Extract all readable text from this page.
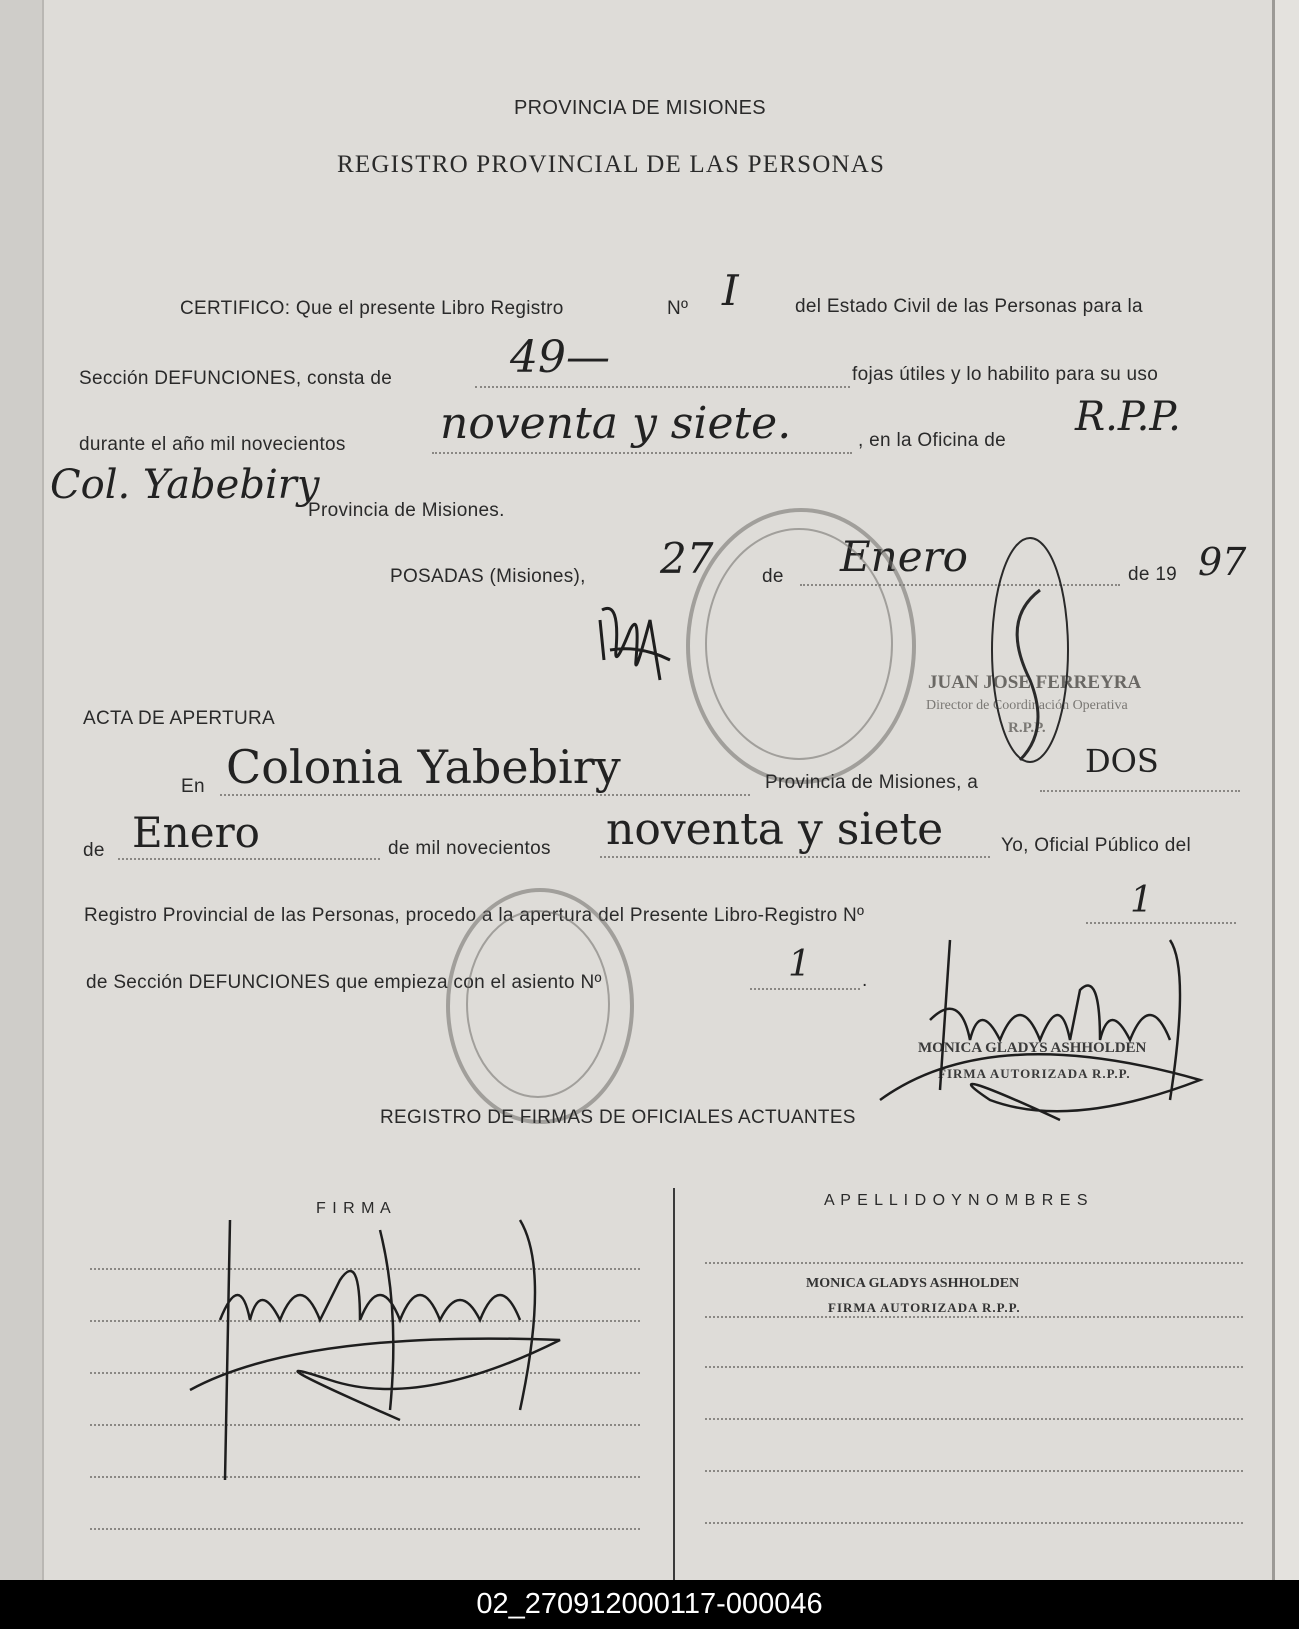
PROVINCIA DE MISIONES
REGISTRO PROVINCIAL DE LAS PERSONAS
CERTIFICO: Que el presente Libro Registro	Nº I	del Estado Civil de las Personas para la
Sección DEFUNCIONES, consta de	49—	fojas útiles y lo habilito para su uso
durante el año mil novecientos noventa y siete.	, en la Oficina de
R.P.P.
Col. Yabebiry
Provincia de Misiones.
POSADAS (Misiones), 27	de Enero	de 19 97
JUAN JOSE FERREYRA
Director de Coordinación Operativa
R.P.P.
ACTA DE APERTURA
En Colonia Yabebiry	Provincia de Misiones, a
DOS
de Enero	de mil novecientos noventa y siete	Yo, Oficial Público del
Registro Provincial de las Personas, procedo a la apertura del Presente Libro-Registro Nº	1
de Sección DEFUNCIONES que empieza con el asiento Nº	1	.
MONICA GLADYS ASHHOLDEN
FIRMA AUTORIZADA R.P.P.
REGISTRO DE FIRMAS DE OFICIALES ACTUANTES
F I R M A	A P E L L I D O Y N O M B R E S
MONICA GLADYS ASHHOLDEN
FIRMA AUTORIZADA R.P.P.
02_270912000117-000046
